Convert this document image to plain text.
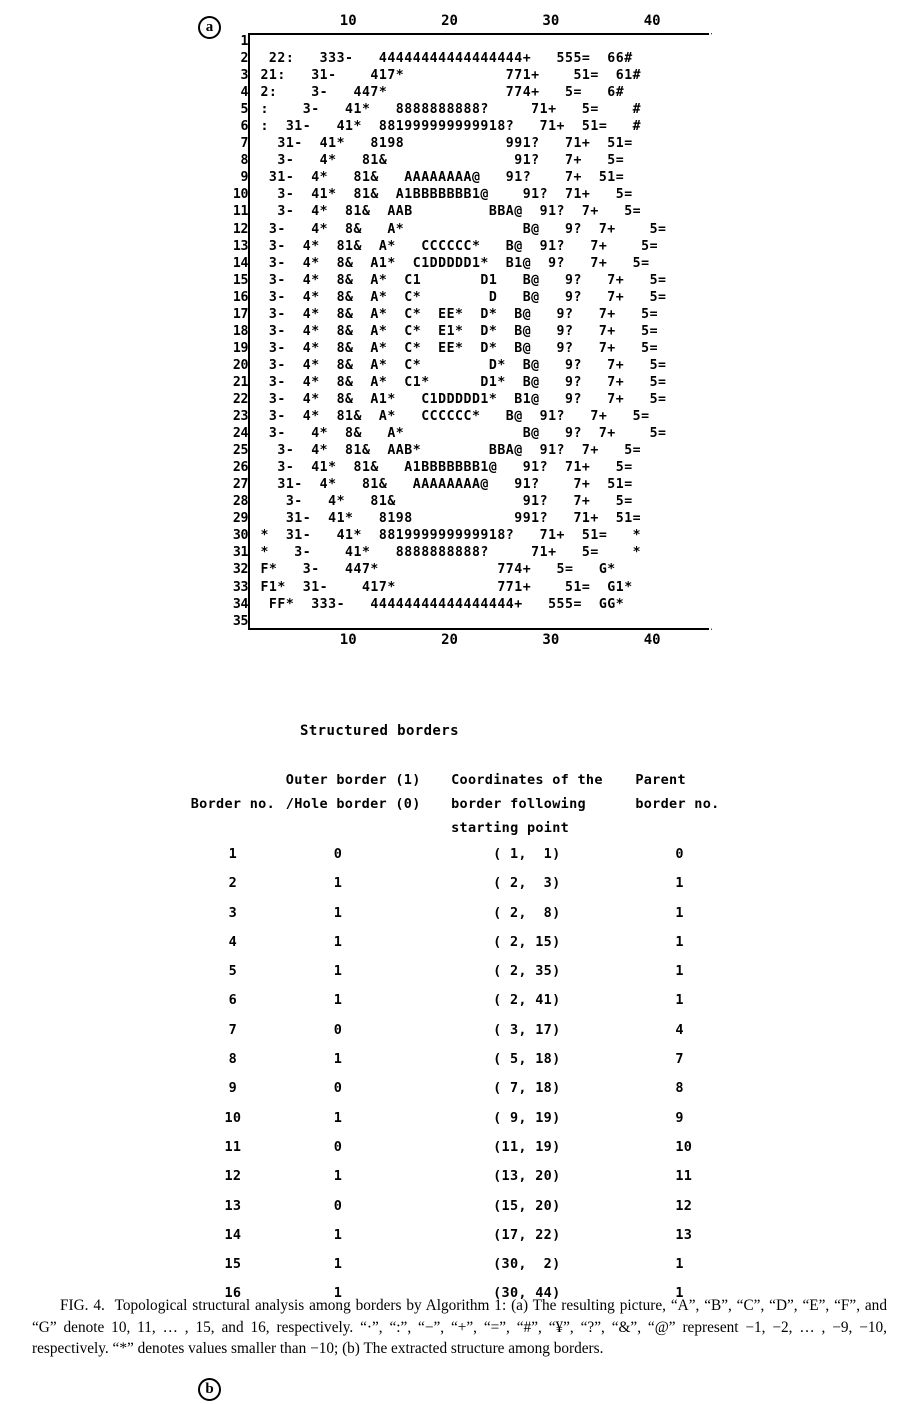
a	10	20	30	40
1
2
3
4
5
6
7
8
9
10
11
12
13
14
15
16
17
18
19
20
21
22
23
24
25
26
27
28
29
30
31
32
33
34
35

22:   333-   44444444444444444+   555=  66#
21:   31-    417*            771+    51=  61#
2:    3-   447*              774+   5=   6#
:    3-   41*   8888888888?     71+   5=    #
:  31-   41*  881999999999918?   71+  51=   #
31-  41*   8198            991?   71+  51=
3-   4*   81&               91?   7+   5=
31-  4*   81&   AAAAAAAA@   91?    7+  51=
3-  41*  81&  A1BBBBBBB1@    91?  71+   5=
3-  4*  81&  AAB         BBA@  91?  7+   5=
3-   4*  8&   A*              B@   9?  7+    5=
3-  4*  81&  A*   CCCCCC*   B@  91?   7+    5=
3-  4*  8&  A1*  C1DDDDD1*  B1@  9?   7+   5=
3-  4*  8&  A*  C1       D1   B@   9?   7+   5=
3-  4*  8&  A*  C*        D   B@   9?   7+   5=
3-  4*  8&  A*  C*  EE*  D*  B@   9?   7+   5=
3-  4*  8&  A*  C*  E1*  D*  B@   9?   7+   5=
3-  4*  8&  A*  C*  EE*  D*  B@   9?   7+   5=
3-  4*  8&  A*  C*        D*  B@   9?   7+   5=
3-  4*  8&  A*  C1*      D1*  B@   9?   7+   5=
3-  4*  8&  A1*   C1DDDDD1*  B1@   9?   7+   5=
3-  4*  81&  A*   CCCCCC*   B@  91?   7+   5=
3-   4*  8&   A*              B@   9?  7+    5=
3-  4*  81&  AAB*        BBA@  91?  7+   5=
3-  41*  81&   A1BBBBBBB1@   91?  71+   5=
31-  4*   81&   AAAAAAAA@   91?    7+  51=
3-   4*   81&               91?   7+   5=
31-  41*   8198            991?   71+  51=
*  31-   41*  881999999999918?   71+  51=   *
*   3-    41*   8888888888?     71+   5=    *
F*   3-   447*              774+   5=   G*
F1*  31-    417*            771+    51=  G1*
FF*  333-   44444444444444444+   555=  GG*

10	20	30	40
b
Structured borders
Border no.

Outer border (1)
/Hole border (0)

Coordinates of the
border following
starting point

Parent
border no.

1	0	( 1,  1)	0
2	1	( 2,  3)	1
3	1	( 2,  8)	1
4	1	( 2, 15)	1
5	1	( 2, 35)	1
6	1	( 2, 41)	1
7	0	( 3, 17)	4
8	1	( 5, 18)	7
9	0	( 7, 18)	8
10	1	( 9, 19)	9
11	0	(11, 19)	10
12	1	(13, 20)	11
13	0	(15, 20)	12
14	1	(17, 22)	13
15	1	(30,  2)	1
16	1	(30, 44)	1
FIG. 4. Topological structural analysis among borders by Algorithm 1: (a) The resulting picture, “A”, “B”, “C”, “D”, “E”, “F”, and “G” denote 10, 11, … , 15, and 16, respectively. “·”, “:”, “−”, “+”, “=”, “#”, “¥”, “?”, “&”, “@” represent −1, −2, … , −9, −10, respectively. “*” denotes values smaller than −10; (b) The extracted structure among borders.
